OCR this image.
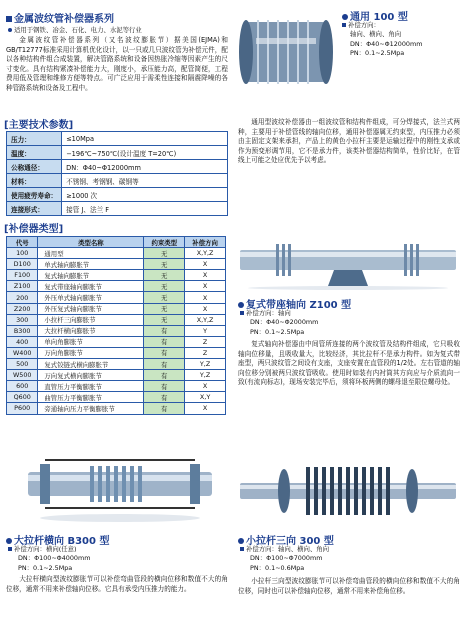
金属波纹管补偿器系列
适用于钢铁、冶金、石化、电力、水泥等行业
金属波纹管补偿器系列（又名波纹膨胀节）据美国(EJMA)和GB/T12777标准采用计算机优化设计，以一只或几只波纹管为补偿元件，配以各种结构件组合成装置，解决管路系统和设备因热胀冷缩等因素产生的尺寸变化。具有结构紧凑补偿能力大，刚度小，承压能力高，配管简便，工程费用低及管理和维修方便等特点。可广泛应用于需柔性连接和隔震降噪的各种管路系统和设备及工程中。
[主要技术参数]
压力：	≤10Mpa
温度：	−196℃~750℃(设计温度 T=20℃)
公称通径：	DN：Φ40~Φ12000mm
材料：	不锈钢、考钢钢、碳钢等
使用疲劳寿命：	≥1000 次
连接形式：	接管 J、法兰 F
[补偿器类型]
代号	类型名称	约束类型	补偿方向
100	通用型	无	X,Y,Z
D100	单式轴向膨胀节	无	X
F100	复式轴向膨胀节	无	X
Z100	复式带座轴向膨胀节	无	X
200	外压单式轴向膨胀节	无	X
Z200	外压复式轴向膨胀节	无	X
300	小拉杆三向膨胀节	无	X,Y,Z
B300	大拉杆横向膨胀节	有	Y
400	单向角膨胀节	有	Z
W400	万向角膨胀节	有	Z
500	复式铰链式横向膨胀节	有	Y,Z
W500	万向复式横向膨胀节	有	Y,Z
600	直管压力平衡膨胀节	有	X
Q600	曲管压力平衡膨胀节	有	X,Y
P600	旁通轴向压力平衡膨胀节	有	X
大拉杆横向 B300 型
补偿方向：横向(任意)
DN：Φ100~Φ4000mm
PN：0.1~2.5Mpa
大拉杆横向型波纹膨胀节可以补偿弯曲管段的横向位移和数值不大的角位移，通常不用来补偿轴向位移。它具有承受内压推力的能力。
通用 100 型
补偿方向：
轴向、横向、角向
DN：Φ40~Φ12000mm
PN：0.1~2.5Mpa
通用型波纹补偿器由一组波纹管和结构件组成，可分焊接式，法兰式两种，主要用于补偿管线的轴向位移，通用补偿器属无约束型，内压推力必须由主固定支架来承担，产品上的黄色小拉杆主要是运输过程中的刚性支承或作为预变形调节用，它不是承力件，该类补偿器结构简单，性价比好，在管线上可能之处应优先予以考虑。
复式带座轴向 Z100 型
补偿方向：轴向
DN：Φ40~Φ2000mm
PN：0.1~2.5Mpa
复式轴向补偿器由中间管所连接的两个波纹管及结构件组成，它只吸收轴向位移量，且吸收量大，比较经济，其比拉杆不是承力构件。如为复式带座型，两只波纹管之间设有支座，支座安置在直管段的1/2处。左右管道的轴向位移分别被两只波纹管吸收。使用时如装有内衬筒其方向应与介质流向一致(有流向标志)，现场安装完毕后，须将环板两侧的螺母退至限位螺母处。
小拉杆三向 300 型
补偿方向：轴向、横向、角向
DN：Φ100~Φ7000mm
PN：0.1~0.6Mpa
小拉杆三向型波纹膨胀节可以补偿弯曲管段的横向位移和数值不大的角位移，同时也可以补偿轴向位移，通常不用来补偿角位移。
